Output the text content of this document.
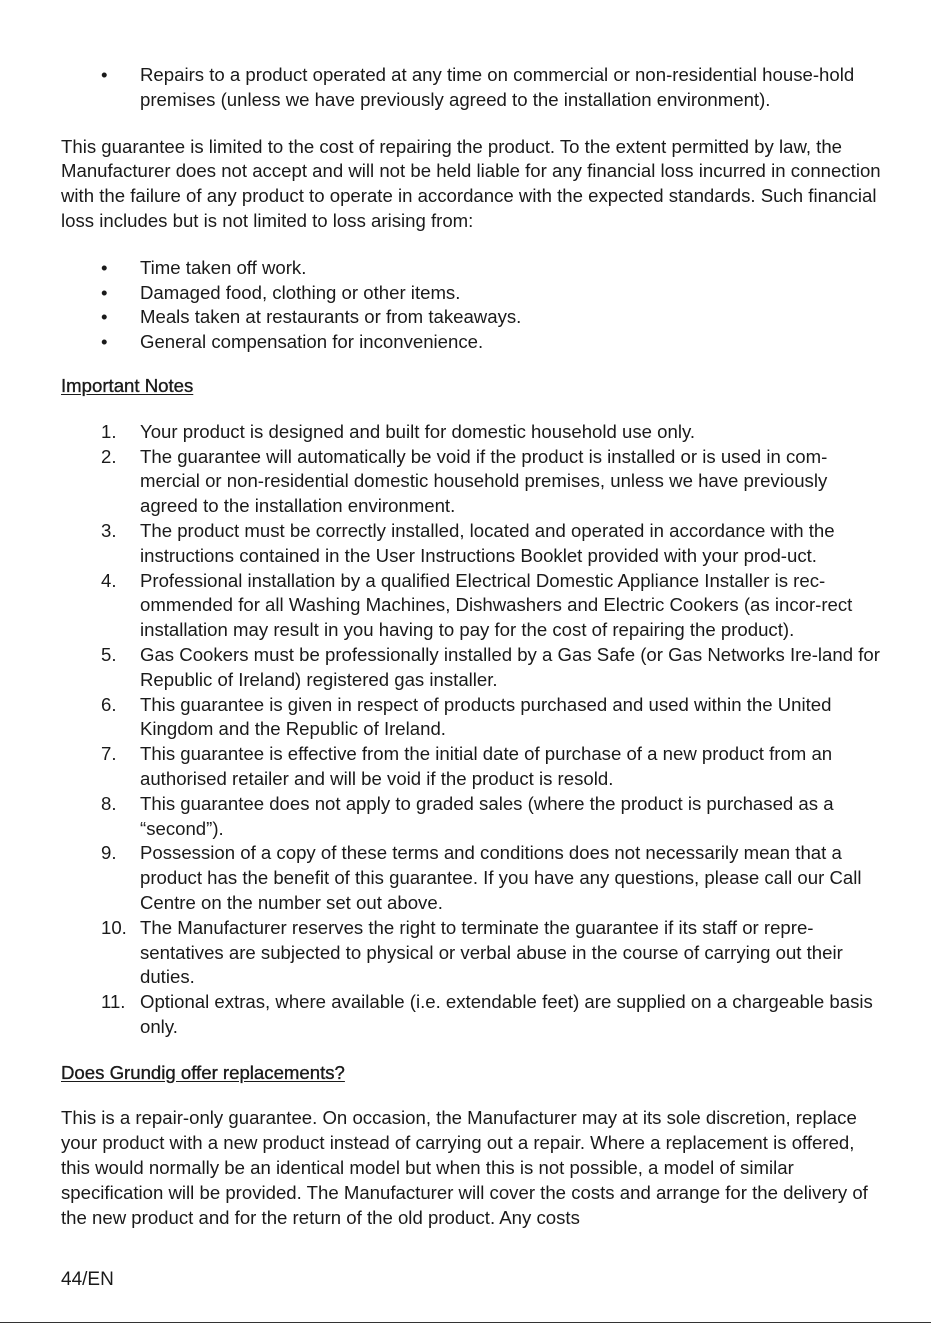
• Repairs to a product operated at any time on commercial or non-residential house-hold premises (unless we have previously agreed to the installation environment).

This guarantee is limited to the cost of repairing the product. To the extent permitted by law, the Manufacturer does not accept and will not be held liable for any financial loss incurred in connection with the failure of any product to operate in accordance with the expected standards. Such financial loss includes but is not limited to loss arising from:

• Time taken off work.
• Damaged food, clothing or other items.
• Meals taken at restaurants or from takeaways.
• General compensation for inconvenience.
Important Notes
1. Your product is designed and built for domestic household use only.
2. The guarantee will automatically be void if the product is installed or is used in com-mercial or non-residential domestic household premises, unless we have previously agreed to the installation environment.
3. The product must be correctly installed, located and operated in accordance with the instructions contained in the User Instructions Booklet provided with your prod-uct.
4. Professional installation by a qualified Electrical Domestic Appliance Installer is rec-ommended for all Washing Machines, Dishwashers and Electric Cookers (as incor-rect installation may result in you having to pay for the cost of repairing the product).
5. Gas Cookers must be professionally installed by a Gas Safe (or Gas Networks Ire-land for Republic of Ireland) registered gas installer.
6. This guarantee is given in respect of products purchased and used within the United Kingdom and the Republic of Ireland.
7. This guarantee is effective from the initial date of purchase of a new product from an authorised retailer and will be void if the product is resold.
8. This guarantee does not apply to graded sales (where the product is purchased as a “second”).
9. Possession of a copy of these terms and conditions does not necessarily mean that a product has the benefit of this guarantee. If you have any questions, please call our Call Centre on the number set out above.
10. The Manufacturer reserves the right to terminate the guarantee if its staff or repre-sentatives are subjected to physical or verbal abuse in the course of carrying out their duties.
11. Optional extras, where available (i.e. extendable feet) are supplied on a chargeable basis only.
Does Grundig offer replacements?

This is a repair-only guarantee. On occasion, the Manufacturer may at its sole discretion, replace your product with a new product instead of carrying out a repair. Where a replacement is offered, this would normally be an identical model but when this is not possible, a model of similar specification will be provided. The Manufacturer will cover the costs and arrange for the delivery of the new product and for the return of the old product. Any costs

44/EN
